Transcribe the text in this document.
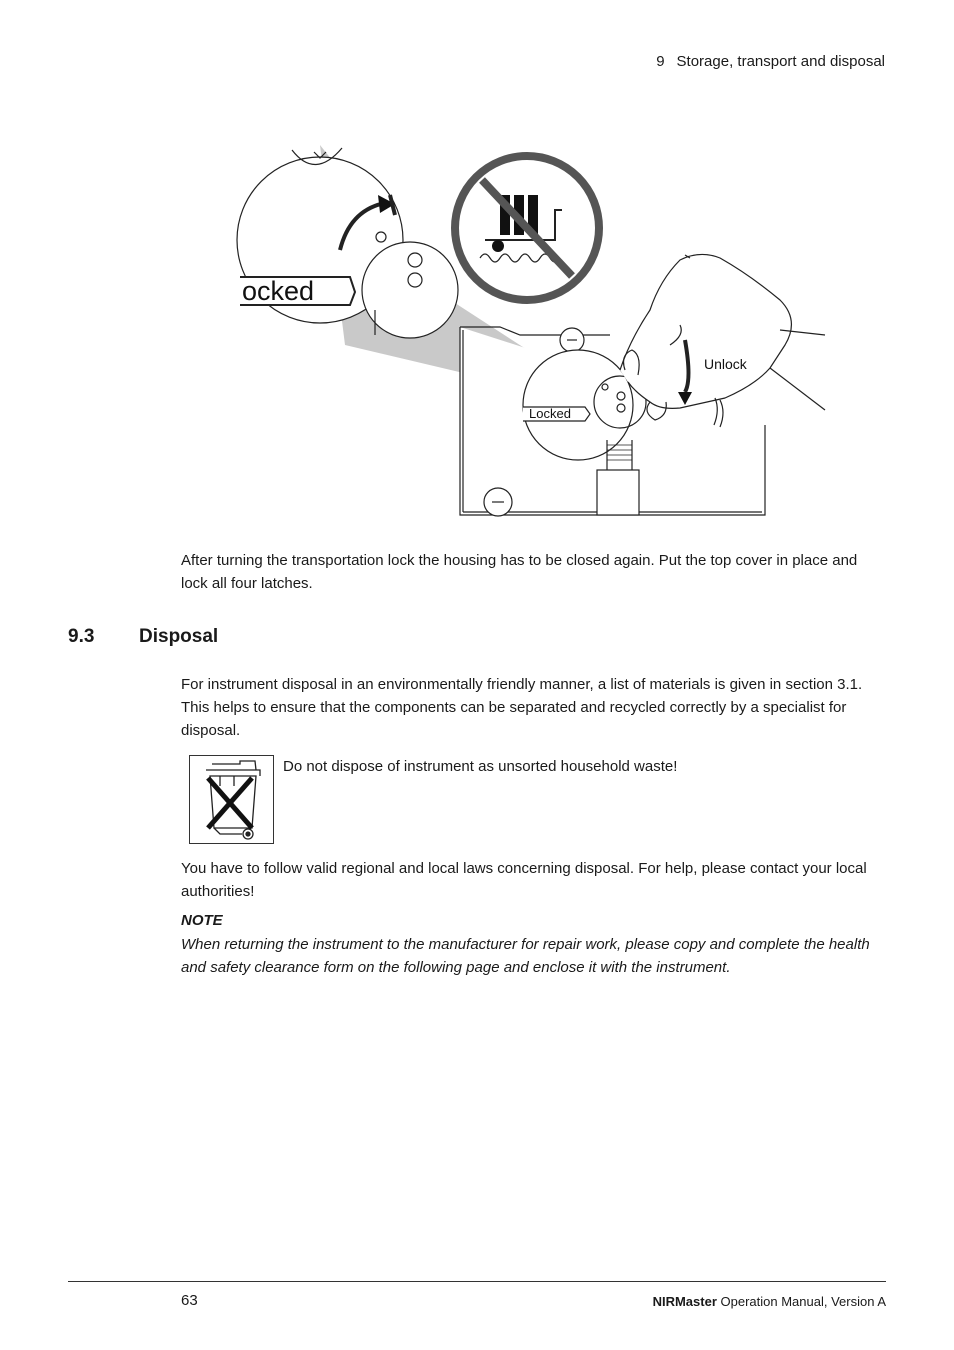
9 Storage, transport and disposal
ocked
Locked
Unlock

After turning the transportation lock the housing has to be closed again. Put the top cover in place and lock all four latches.

9.3 Disposal

For instrument disposal in an environmentally friendly manner, a list of materials is given in section 3.1. This helps to ensure that the components can be separated and recycled correctly by a specialist for disposal.

Do not dispose of instrument as unsorted household waste!

You have to follow valid regional and local laws concerning disposal. For help, please contact your local authorities!

NOTE

When returning the instrument to the manufacturer for repair work, please copy and complete the health and safety clearance form on the following page and enclose it with the instrument.

63	NIRMaster Operation Manual, Version A
